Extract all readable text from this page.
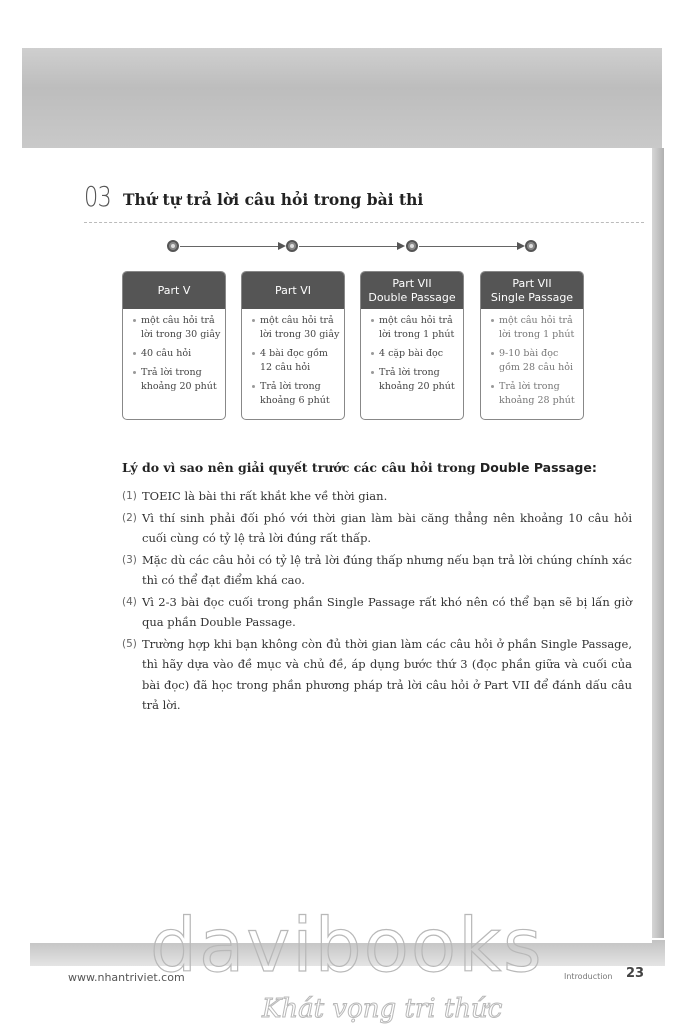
03 Thứ tự trả lời câu hỏi trong bài thi
Part V
một câu hỏi trả lời trong 30 giây
40 câu hỏi
Trả lời trong khoảng 20 phút
Part VI
một câu hỏi trả lời trong 30 giây
4 bài đọc gồm 12 câu hỏi
Trả lời trong khoảng 6 phút
Part VII
Double Passage
một câu hỏi trả lời trong 1 phút
4 cặp bài đọc
Trả lời trong khoảng 20 phút
Part VII
Single Passage
một câu hỏi trả lời trong 1 phút
9-10 bài đọc gồm 28 câu hỏi
Trả lời trong khoảng 28 phút
Lý do vì sao nên giải quyết trước các câu hỏi trong Double Passage:
(1) TOEIC là bài thi rất khắt khe về thời gian.
(2) Vì thí sinh phải đối phó với thời gian làm bài căng thẳng nên khoảng 10 câu hỏi cuối cùng có tỷ lệ trả lời đúng rất thấp.
(3) Mặc dù các câu hỏi có tỷ lệ trả lời đúng thấp nhưng nếu bạn trả lời chúng chính xác thì có thể đạt điểm khá cao.
(4) Vì 2-3 bài đọc cuối trong phần Single Passage rất khó nên có thể bạn sẽ bị lấn giờ qua phần Double Passage.
(5) Trường hợp khi bạn không còn đủ thời gian làm các câu hỏi ở phần Single Passage, thì hãy dựa vào đề mục và chủ đề, áp dụng bước thứ 3 (đọc phần giữa và cuối của bài đọc) đã học trong phần phương pháp trả lời câu hỏi ở Part VII để đánh dấu câu trả lời.
www.nhantriviet.com	Introduction 23
davibooks
Khát vọng tri thức
